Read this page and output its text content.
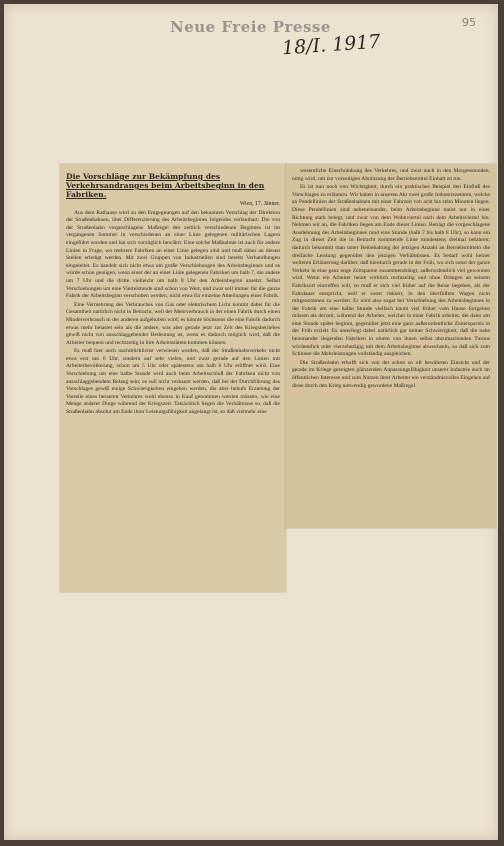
Neue Freie Presse	95
18/I. 1917
Die Vorschläge zur Bekämpfung des Verkehrsandranges beim Arbeitsbeginn in den Fabriken.
Wien, 17. Jänner.

Aus dem Rathause wird zu den Entgegnungen auf den bekannten Vorschlag der Direktion der Straßenbahnen, über Differenzierung des Arbeitsbeginnes folgendes verlautbart: Die von der Straßenbahn vorgeschlagene Maßregel des zeitlich verschiedenen Beginnes ist im vergangenen Sommer in verschiedenen an einer Linie gelegenen militärischen Lagern eingeführt worden und hat sich vorzüglich bewährt. Eine solche Maßnahme ist auch für andere Linien in Frage, wo mehrere Fabriken an einer Linie gelegen sind und muß daher an diesen Stellen erledigt werden. Mit zwei Gruppen von Industriellen sind bereits Verhandlungen eingeleitet. Es handelt sich nicht etwa um große Verschiebungen des Arbeitsbeginnes und es würde schon genügen, wenn einer der an einer Linie gelegenen Fabriken um halb 7, die andere um 7 Uhr und die dritte vielleicht um halb 8 Uhr den Arbeitsbeginn ansetzt. Selbst Verschiebungen um eine Viertelstunde sind schon von Wert, und zwar soll immer für die ganze Fabrik der Arbeitsbeginn verschoben werden, nicht etwa für einzelne Abteilungen einer Fabrik.

Eine Vermehrung des Verbrauches von Gas oder elektrischem Licht kommt dabei für die Gesamtheit natürlich nicht in Betracht, weil der Mehrverbrauch in der einen Fabrik durch einen Minderverbrauch in der anderen aufgehoben wird; es könnte höchstens die eine Fabrik dadurch etwas mehr belastet sein als die andere, was aber gerade jetzt zur Zeit des Kriegsbetriebes gewiß nicht von ausschlaggebender Bedeutung ist, wenn es dadurch möglich wird, daß die Arbeiter bequem und rechtzeitig in ihre Arbeitsstätten kommen können.

Es muß hier auch nachdrücklichst verwiesen werden, daß der Straßenbahnverkehr nicht etwa erst um 6 Uhr, sondern auf sehr vielen, und zwar gerade auf den Linien mit Arbeiterbevölkerung, schon um 5 Uhr oder spätestens um halb 6 Uhr eröffnet wird. Eine Verschiebung um eine halbe Stunde wird auch beim Arbeitsschluß der Fabriken nicht von ausschlaggebendem Belang sein; es soll nicht verkannt werden, daß bei der Durchführung des Vorschlages gewiß einige Schwierigkeiten eingehen werden, die aber behufs Erzielung der Vorteile eines besseren Verkehres wohl ebenso in Kauf genommen werden müssen, wie eine Menge anderer Dinge während der Kriegszeit. Tatsächlich liegen die Verhältnisse so, daß die Straßenbahn absolut am Ende ihrer Leistungsfähigkeit angelangt ist, so daß vielmehr eine

wesentliche Einschränkung des Verkehres, und zwar auch in den Morgenstunden, nötig wird, um zur vorzeitigen Abnützung der Betriebsmittel Einhalt zu tun.

Es ist nun noch von Wichtigkeit, durch ein praktisches Beispiel den Einfluß des Vorschlages zu erläutern. Wir haben in unseren Akt zwei große Industriezentren, welche an Pendellinien der Straßenbahnen mit einer Fahrzeit von acht bis zehn Minuten liegen. Diese Pendellinien sind nebeneinander, beim Arbeitsbeginne meist nur in einer Richtung stark belegt, und zwar von dem Wohnviertel nach dem Arbeitsviertel hin. Nehmen wir an, die Fabriken liegen am Ende dieser Linien. Beträgt die vorgeschlagene Ausdehnung des Arbeitsbeginnes rund eine Stunde (halb 7 bis halb 8 Uhr), so kann ein Zug in dieser Zeit die in Betracht kommende Linie mindestens dreimal befahren; dadurch bekommt man unter Beibehaltung der jetzigen Anzahl an Betriebsmitteln die dreifache Leistung gegenüber den jetzigen Verhältnissen. Es bedarf wohl keiner weiteren Erläuterung darüber, daß hierdurch gerade in der Früh, wo sich sonst der ganze Verkehr in eine ganz enge Zeitspanne zusammendrängt, außerordentlich viel gewonnen wird. Wenn ein Arbeiter heute wirklich rechtzeitig und ohne Drängen an seinem Fabriksort eintreffen will, so muß er sich viel früher auf die Reise begeben, als der Fahrdauer entspricht, weil er sonst riskiert, in den überfüllten Wagen nicht mitgenommen zu werden. Er wird also sogar bei Verschiebung des Arbeitsbeginnes in der Fabrik um eine halbe Stunde vielfach kaum viel früher vom Hause fortgehen müssen als derzeit, während der Arbeiter, welcher in einer Fabrik arbeitet, die dann um eine Stunde später beginnt, gegenüber jetzt eine ganz außerordentliche Zeitersparnis in der Früh erzielt. Es unterliegt dabei natürlich gar keiner Schwierigkeit, daß die nahe beieinander liegenden Fabriken in einem von ihnen selbst abzumachenden Turnus wöchentlich oder vierzehntägig mit dem Arbeitsbeginne abwechseln, so daß sich zum Schlusse die Mehrleistungen vollständig ausgleichen.

Die Straßenbahn erhofft sich von der schon so oft bewährten Einsicht und der gerade im Kriege gezeigten glänzenden Anpassungsfähigkeit unserer Industrie auch im öffentlichen Interesse und zum Nutzen ihrer Arbeiter ein verständnisvolles Eingehen auf diese durch den Krieg notwendig gewordene Maßregel.
